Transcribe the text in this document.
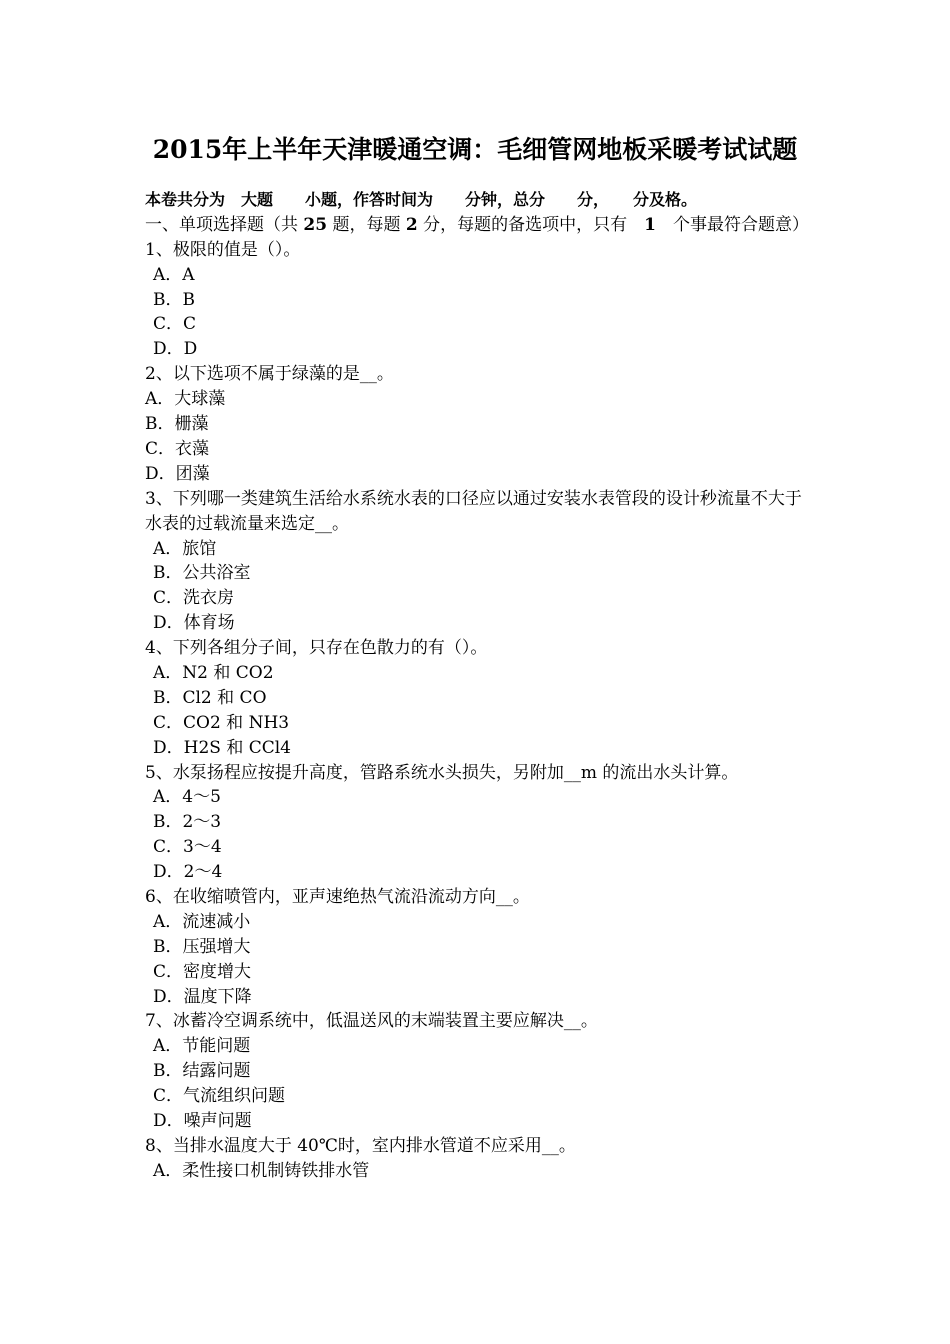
2015年上半年天津暖通空调：毛细管网地板采暖考试试题
本卷共分为　大题　　小题，作答时间为　　分钟，总分　　分，　　分及格。
一、单项选择题（共 25 题，每题 2 分，每题的备选项中，只有　 1　 个事最符合题意）
1、极限的值是（）。
A．A
B．B
C．C
D．D
2、以下选项不属于绿藻的是__。
A．大球藻
B．栅藻
C．衣藻
D．团藻
3、下列哪一类建筑生活给水系统水表的口径应以通过安装水表管段的设计秒流量不大于水表的过载流量来选定__。
A．旅馆
B．公共浴室
C．洗衣房
D．体育场
4、下列各组分子间，只存在色散力的有（）。
A．N2 和 CO2
B．Cl2 和 CO
C．CO2 和 NH3
D．H2S 和 CCl4
5、水泵扬程应按提升高度，管路系统水头损失，另附加__m 的流出水头计算。
A．4～5
B．2～3
C．3～4
D．2～4
6、在收缩喷管内，亚声速绝热气流沿流动方向__。
A．流速减小
B．压强增大
C．密度增大
D．温度下降
7、冰蓄冷空调系统中，低温送风的末端装置主要应解决__。
A．节能问题
B．结露问题
C．气流组织问题
D．噪声问题
8、当排水温度大于 40℃时，室内排水管道不应采用__。
A．柔性接口机制铸铁排水管
